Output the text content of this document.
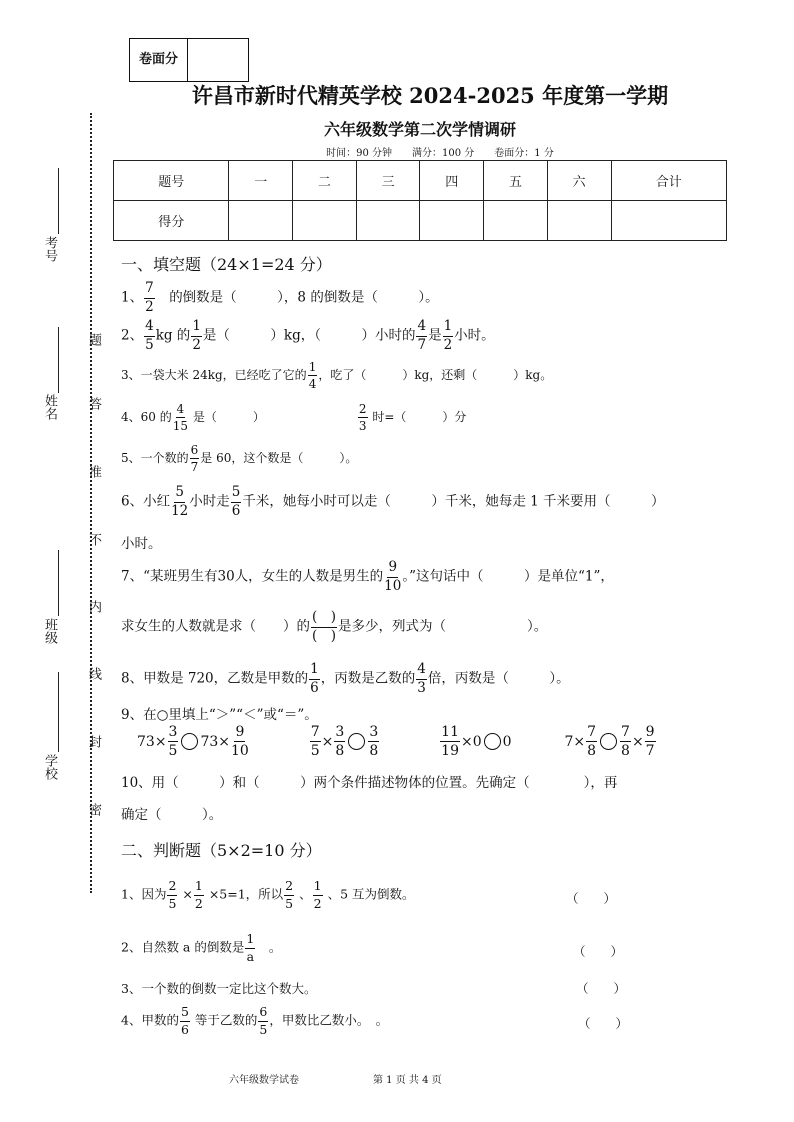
卷面分
许昌市新时代精英学校 2024-2025 年度第一学期
六年级数学第二次学情调研
时间：90 分钟　　满分：100 分　　卷面分：1 分
题号	一	二	三	四	五	六	合计
得分							
题
答
准
不
内
线
封
密
考号
姓名
班级
学校
一、填空题（24×1=24 分）
1、 $\frac{7}{2}$
　 的倒数是（　　　），8 的倒数是（　　　）。
2、 $\frac{4}{5}$ kg 的 $\frac{1}{2}$ 是（　　　）kg，（　　　）小时的 $\frac{4}{7}$ 是 $\frac{1}{2}$ 小时。
3、一袋大米 24kg，已经吃了它的 $\frac{1}{4}$ ，吃了（　　　）kg，还剩（　　　）kg。
4、60 的 $\frac{4}{15}$ 是（　　　）	$\frac{2}{3}$ 时=（　　　）分
5、一个数的 $\frac{6}{7}$ 是 60，这个数是（　　　）。
6、小红 $\frac{5}{12}$ 小时走 $\frac{5}{6}$ 千米，她每小时可以走（　　　）千米，她每走 1 千米要用（　　　）
小时。
7、“某班男生有30人，女生的人数是男生的 $\frac{9}{10}$ 。”这句话中（　　　）是单位“1”，
求女生的人数就是求（　　）的 $\frac{( )}{( )}$ 是多少，列式为（　　　　　　）。
8、甲数是 720，乙数是甲数的 $\frac{1}{6}$ ，丙数是乙数的 $\frac{4}{3}$ 倍，丙数是（　　　）。
9、在○里填上“＞”“＜”或“＝”。
$73\times \frac{3}{5} 73\times \frac{9}{10}$
	$\frac{7}{5} \times \frac{3}{8} \frac{3}{8}$
	$\frac{11}{19} \times 0$ 0	$7\times \frac{7}{8} \frac{7}{8} \times \frac{9}{7}$
10、用（　　　）和（　　　）两个条件描述物体的位置。先确定（　　　　），再
确定（　　　）。
二、判断题（5×2=10 分）
1、因为 $\frac{2}{5} \times \frac{1}{2} \times 5=1$，所以 $\frac{2}{5}$ 、 $\frac{1}{2}$ 、5 互为倒数。	（　　）
2、自然数 a 的倒数是 $\frac{1}{a}$
　 。	（　　）
3、一个数的倒数一定比这个数大。	（　　）
4、甲数的 $\frac{5}{6}$ 等于乙数的 $\frac{6}{5}$ ，甲数比乙数小。　。	（　　）
六年级数学试卷	第 1 页 共 4 页
